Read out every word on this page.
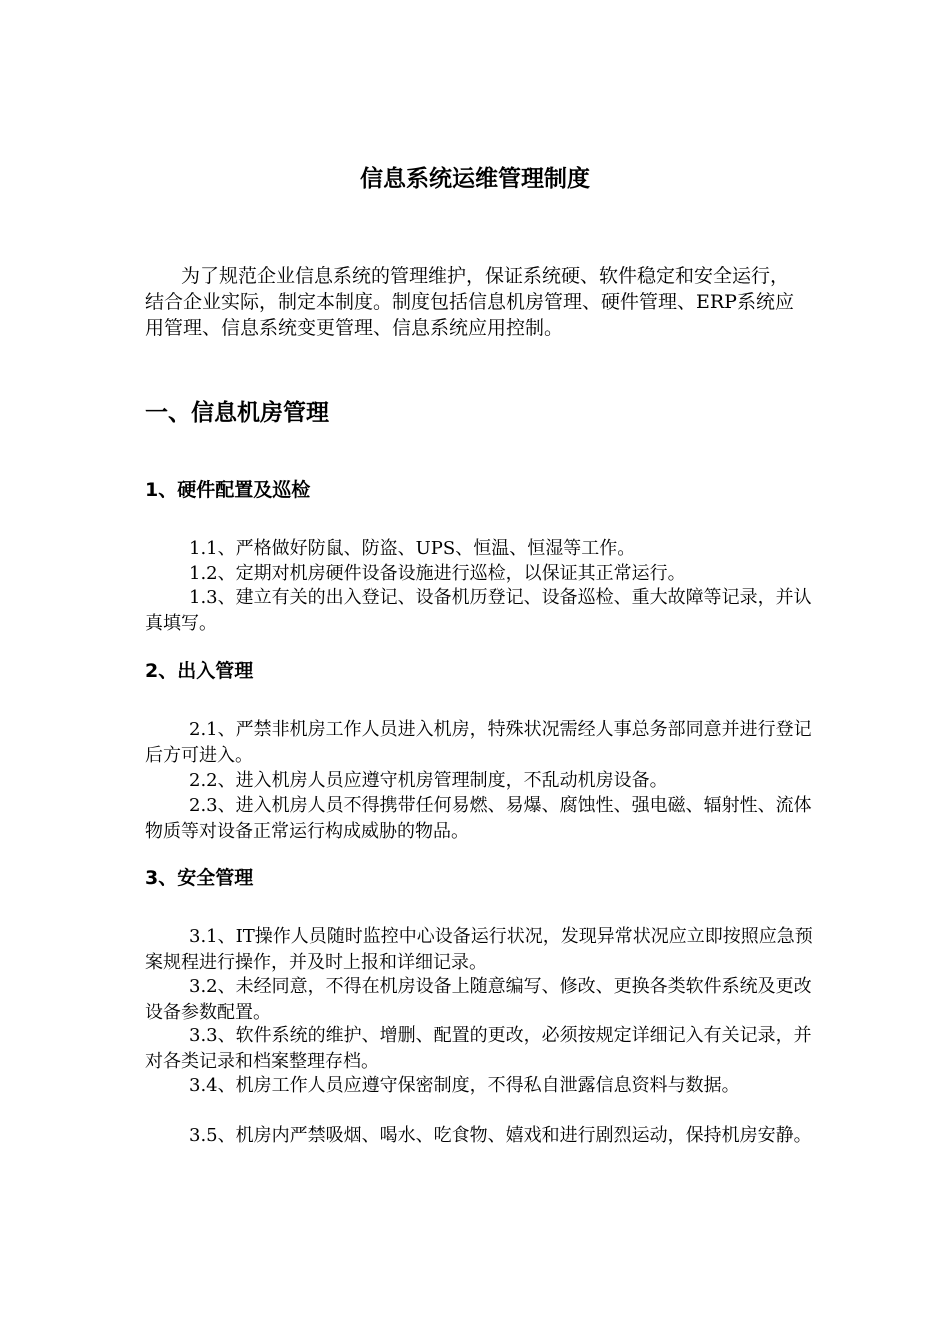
信息系统运维管理制度
为了规范企业信息系统的管理维护，保证系统硬、软件稳定和安全运行，结合企业实际，制定本制度。制度包括信息机房管理、硬件管理、ERP系统应用管理、信息系统变更管理、信息系统应用控制。
一、信息机房管理
1、硬件配置及巡检
1.1、严格做好防鼠、防盗、UPS、恒温、恒湿等工作。
1.2、定期对机房硬件设备设施进行巡检，以保证其正常运行。
1.3、建立有关的出入登记、设备机历登记、设备巡检、重大故障等记录，并认真填写。
2、出入管理
2.1、严禁非机房工作人员进入机房，特殊状况需经人事总务部同意并进行登记后方可进入。
2.2、进入机房人员应遵守机房管理制度，不乱动机房设备。
2.3、进入机房人员不得携带任何易燃、易爆、腐蚀性、强电磁、辐射性、流体物质等对设备正常运行构成威胁的物品。
3、安全管理
3.1、IT操作人员随时监控中心设备运行状况，发现异常状况应立即按照应急预案规程进行操作，并及时上报和详细记录。
3.2、未经同意，不得在机房设备上随意编写、修改、更换各类软件系统及更改设备参数配置。
3.3、软件系统的维护、增删、配置的更改，必须按规定详细记入有关记录，并对各类记录和档案整理存档。
3.4、机房工作人员应遵守保密制度，不得私自泄露信息资料与数据。
3.5、机房内严禁吸烟、喝水、吃食物、嬉戏和进行剧烈运动，保持机房安静。
